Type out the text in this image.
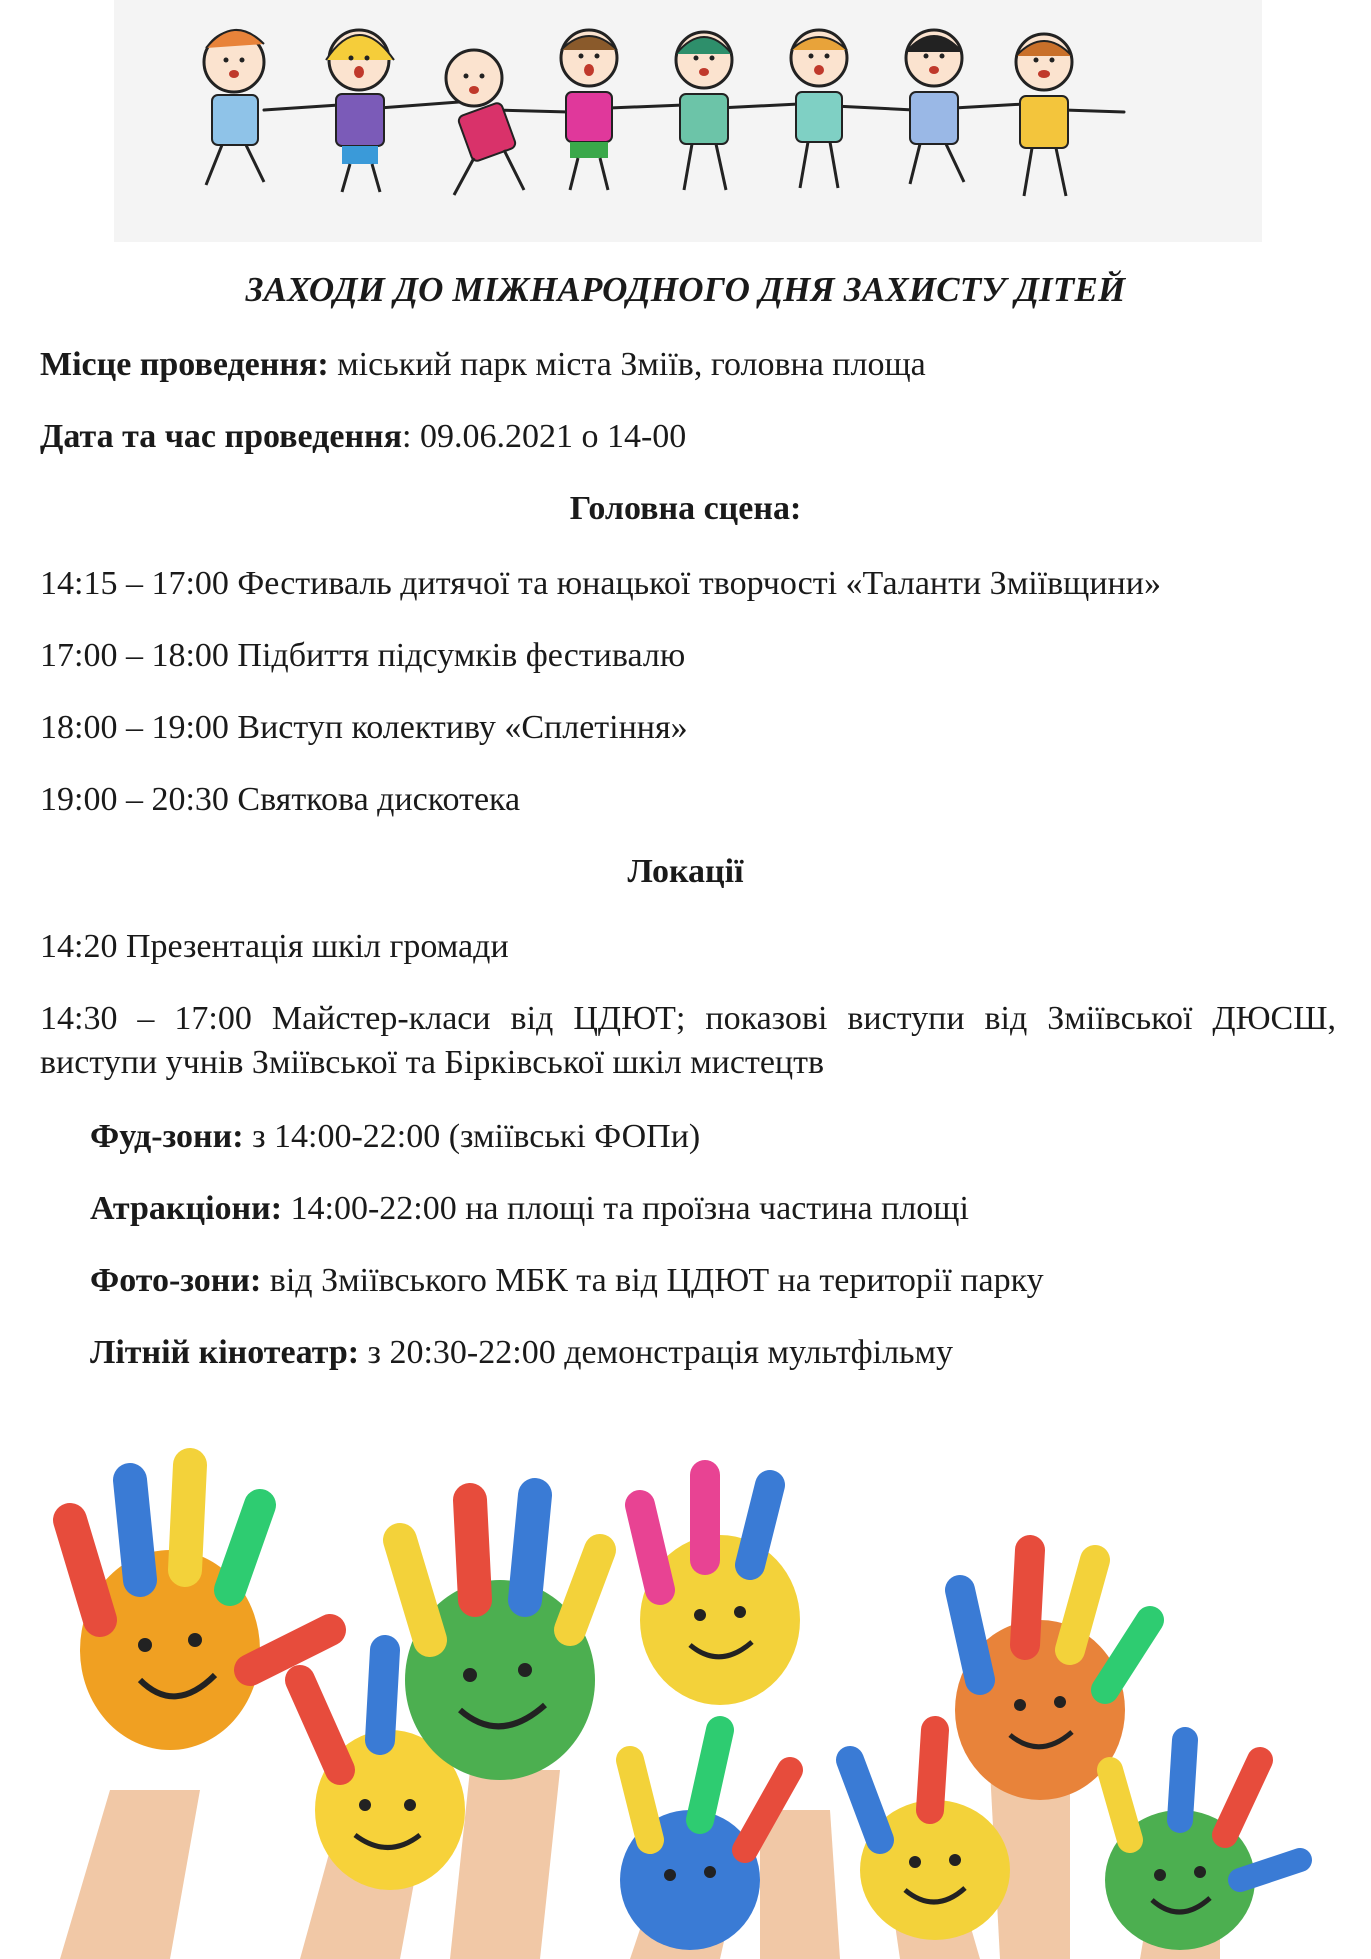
ЗАХОДИ ДО МІЖНАРОДНОГО ДНЯ ЗАХИСТУ ДІТЕЙ
Місце проведення: міський парк міста Зміїв, головна площа
Дата та час проведення: 09.06.2021 о 14-00
Головна сцена:
14:15 – 17:00 Фестиваль дитячої та юнацької творчості «Таланти Зміївщини»
17:00 – 18:00 Підбиття підсумків фестивалю
18:00 – 19:00 Виступ колективу «Сплетіння»
19:00 – 20:30 Святкова дискотека
Локації
14:20 Презентація шкіл громади
14:30 – 17:00 Майстер-класи від ЦДЮТ; показові виступи від Зміївської ДЮСШ, виступи учнів Зміївської та Бірківської шкіл мистецтв
Фуд-зони: з 14:00-22:00 (зміївські ФОПи)
Атракціони: 14:00-22:00 на площі та проїзна частина площі
Фото-зони: від Зміївського МБК та від ЦДЮТ на території парку
Літній кінотеатр: з 20:30-22:00 демонстрація мультфільму
